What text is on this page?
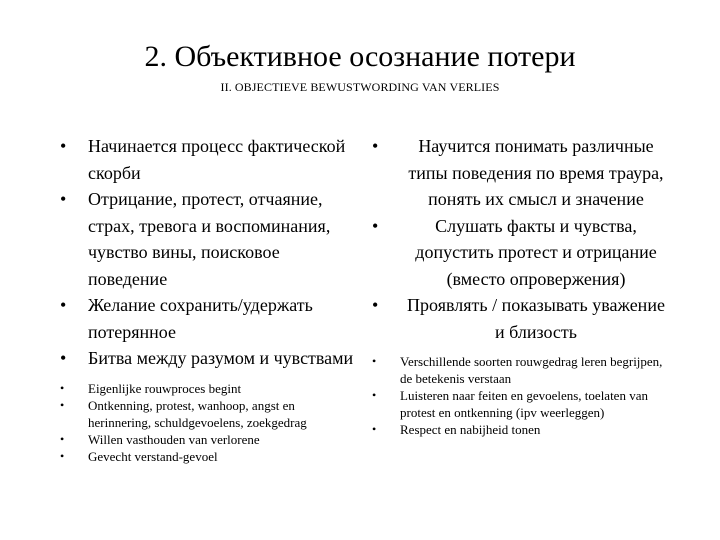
2. Объективное осознание потери
II. OBJECTIEVE BEWUSTWORDING VAN VERLIES
• Начинается процесс фактической скорби
• Отрицание, протест, отчаяние, страх, тревога и воспоминания, чувство вины, поисковое поведение
• Желание сохранить/удержать потерянное
• Битва между разумом и чувствами
• Eigenlijke rouwproces begint
• Ontkenning, protest, wanhoop, angst en herinnering, schuldgevoelens, zoekgedrag
• Willen vasthouden van verlorene
• Gevecht verstand-gevoel
• Научится понимать различные типы поведения по время траура, понять их смысл и значение
•	Слушать факты и чувства, допустить протест и отрицание (вместо опровержения)
• Проявлять / показывать уважение и близость
• Verschillende soorten rouwgedrag leren begrijpen, de betekenis verstaan
• Luisteren naar feiten en gevoelens, toelaten van protest en ontkenning (ipv weerleggen)
• Respect en nabijheid tonen
